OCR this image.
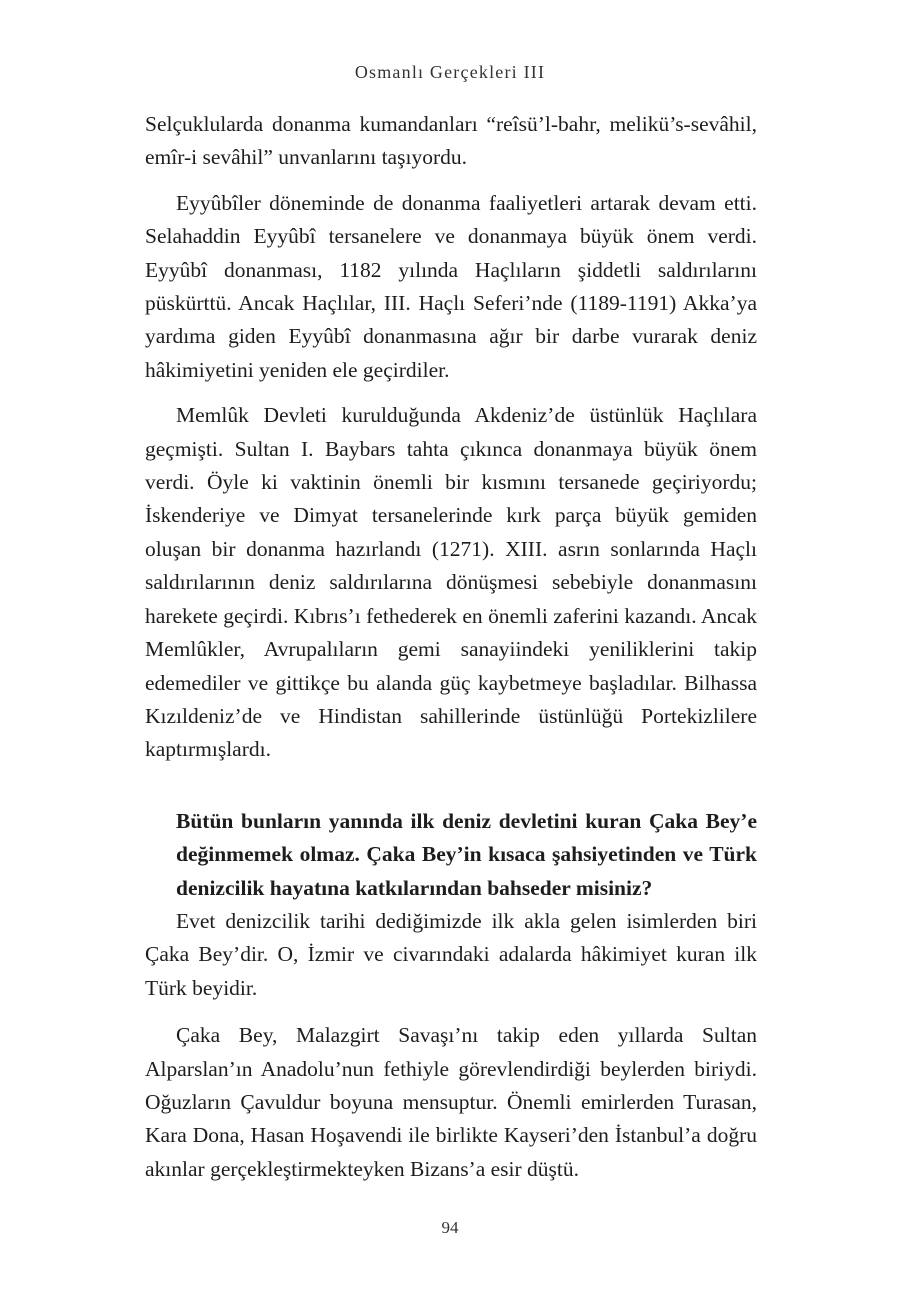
Osmanlı Gerçekleri III

Selçuklularda donanma kumandanları “reîsü’l-bahr, melikü’s-sevâhil, emîr-i sevâhil” unvanlarını taşıyordu.

Eyyûbîler döneminde de donanma faaliyetleri artarak devam etti. Selahaddin Eyyûbî tersanelere ve donanmaya büyük önem verdi. Eyyûbî donanması, 1182 yılında Haçlıların şiddetli saldırılarını püskürttü. Ancak Haçlılar, III. Haçlı Seferi’nde (1189-1191) Akka’ya yardıma giden Eyyûbî donanmasına ağır bir darbe vurarak deniz hâkimiyetini yeniden ele geçirdiler.

Memlûk Devleti kurulduğunda Akdeniz’de üstünlük Haçlılara geçmişti. Sultan I. Baybars tahta çıkınca donanmaya büyük önem verdi. Öyle ki vaktinin önemli bir kısmını tersanede geçiriyordu; İskenderiye ve Dimyat tersanelerinde kırk parça büyük gemiden oluşan bir donanma hazırlandı (1271). XIII. asrın sonlarında Haçlı saldırılarının deniz saldırılarına dönüşmesi sebebiyle donanmasını harekete geçirdi. Kıbrıs’ı fethederek en önemli zaferini kazandı. Ancak Memlûkler, Avrupalıların gemi sanayiindeki yeniliklerini takip edemediler ve gittikçe bu alanda güç kaybetmeye başladılar. Bilhassa Kızıldeniz’de ve Hindistan sahillerinde üstünlüğü Portekizlilere kaptırmışlardı.

Bütün bunların yanında ilk deniz devletini kuran Çaka Bey’e değinmemek olmaz. Çaka Bey’in kısaca şahsiyetinden ve Türk denizcilik hayatına katkılarından bahseder misiniz?

Evet denizcilik tarihi dediğimizde ilk akla gelen isimlerden biri Çaka Bey’dir. O, İzmir ve civarındaki adalarda hâkimiyet kuran ilk Türk beyidir.

Çaka Bey, Malazgirt Savaşı’nı takip eden yıllarda Sultan Alparslan’ın Anadolu’nun fethiyle görevlendirdiği beylerden biriydi. Oğuzların Çavuldur boyuna mensuptur. Önemli emirlerden Turasan, Kara Dona, Hasan Hoşavendi ile birlikte Kayseri’den İstanbul’a doğru akınlar gerçekleştirmekteyken Bizans’a esir düştü.

94
